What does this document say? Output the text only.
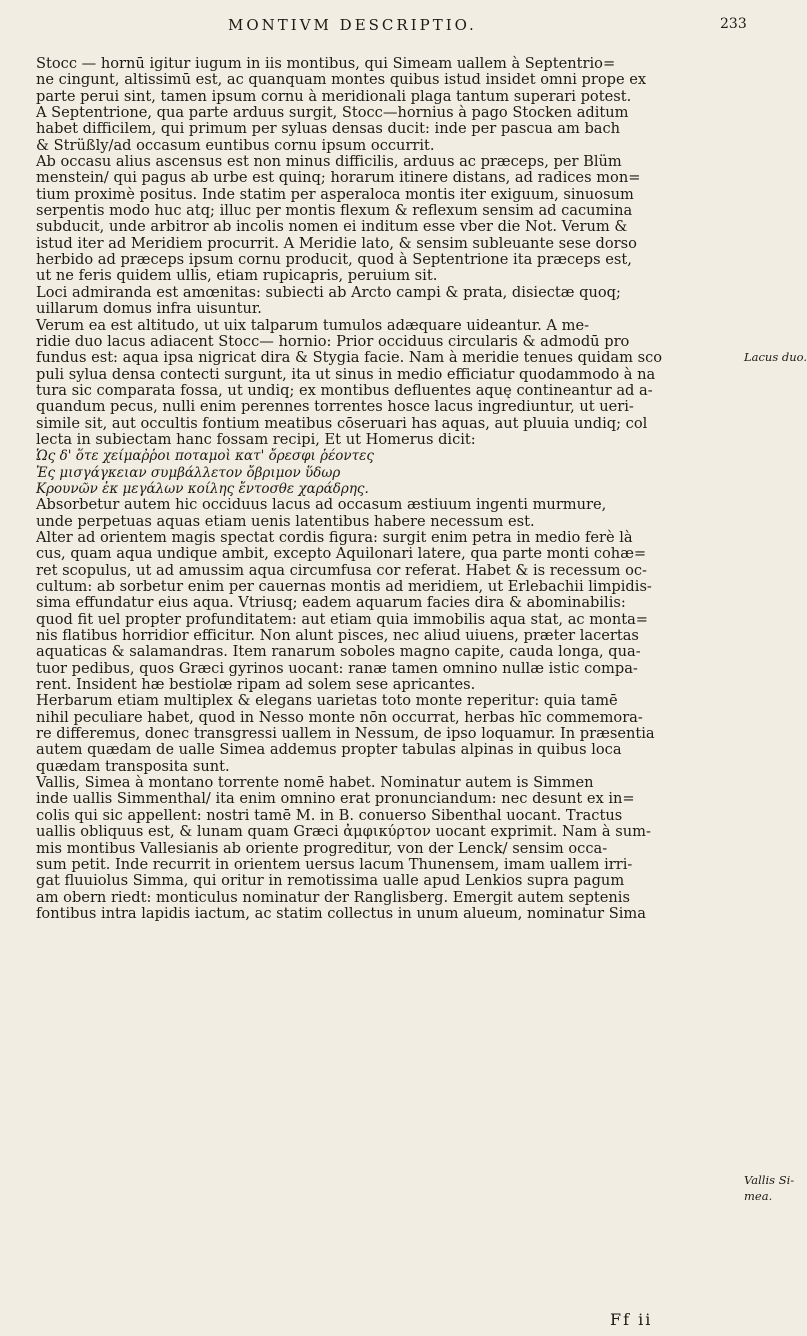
MONTIVM DESCRIPTIO.	233
Stocc — hornū igitur iugum in iis montibus, qui Simeam uallem à Septentrio=
ne cingunt, altissimū est, ac quanquam montes quibus istud insidet omni prope ex
parte perui sint, tamen ipsum cornu à meridionali plaga tantum superari potest.
A Septentrione, qua parte arduus surgit, Stocc—hornius à pago Stocken aditum
habet difficilem, qui primum per syluas densas ducit: inde per pascua am bach
& Strüßly/ad occasum euntibus cornu ipsum occurrit.
Ab occasu alius ascensus est non minus difficilis, arduus ac præceps, per Blüm
menstein/ qui pagus ab urbe est quinq; horarum itinere distans, ad radices mon=
tium proximè positus. Inde statim per asperaloca montis iter exiguum, sinuosum
serpentis modo huc atq; illuc per montis flexum & reflexum sensim ad cacumina
subducit, unde arbitror ab incolis nomen ei inditum esse vber die Not. Verum &
istud iter ad Meridiem procurrit. A Meridie lato, & sensim subleuante sese dorso
herbido ad præceps ipsum cornu producit, quod à Septentrione ita præceps est,
ut ne feris quidem ullis, etiam rupicapris, peruium sit.
Loci admiranda est amœnitas: subiecti ab Arcto campi & prata, disiectæ quoq;
uillarum domus infra uisuntur.
Verum ea est altitudo, ut uix talparum tumulos adæquare uideantur. A me-
ridie duo lacus adiacent Stocc— hornio: Prior occiduus circularis & admodū pro
fundus est: aqua ipsa nigricat dira & Stygia facie. Nam à meridie tenues quidam sco
puli sylua densa contecti surgunt, ita ut sinus in medio efficiatur quodammodo à na
tura sic comparata fossa, ut undiq; ex montibus defluentes aquę contineantur ad a-
quandum pecus, nulli enim perennes torrentes hosce lacus ingrediuntur, ut ueri-
simile sit, aut occultis fontium meatibus cōseruari has aquas, aut pluuia undiq; col
lecta in subiectam hanc fossam recipi, Et ut Homerus dicit:
Ὡς δ' ὅτε χείμαῤῥοι ποταμοὶ κατ' ὄρεσφι ῥέοντες
Ἐς μισγάγκειαν συμβάλλετον ὄβριμον ὕδωρ
Κρουνῶν ἐκ μεγάλων κοίλης ἔντοσθε χαράδρης.
Absorbetur autem hic occiduus lacus ad occasum æstiuum ingenti murmure,
unde perpetuas aquas etiam uenis latentibus habere necessum est.
Alter ad orientem magis spectat cordis figura: surgit enim petra in medio ferè là
cus, quam aqua undique ambit, excepto Aquilonari latere, qua parte monti cohæ=
ret scopulus, ut ad amussim aqua circumfusa cor referat. Habet & is recessum oc-
cultum: ab sorbetur enim per cauernas montis ad meridiem, ut Erlebachii limpidis-
sima effundatur eius aqua. Vtriusq; eadem aquarum facies dira & abominabilis:
quod fit uel propter profunditatem: aut etiam quia immobilis aqua stat, ac monta=
nis flatibus horridior efficitur. Non alunt pisces, nec aliud uiuens, præter lacertas
aquaticas & salamandras. Item ranarum soboles magno capite, cauda longa, qua-
tuor pedibus, quos Græci gyrinos uocant: ranæ tamen omnino nullæ istic compa-
rent. Insident hæ bestiolæ ripam ad solem sese apricantes.
Herbarum etiam multiplex & elegans uarietas toto monte reperitur: quia tamē
nihil peculiare habet, quod in Nesso monte nōn occurrat, herbas hīc commemora-
re differemus, donec transgressi uallem in Nessum, de ipso loquamur. In præsentia
autem quædam de ualle Simea addemus propter tabulas alpinas in quibus loca
quædam transposita sunt.
Vallis, Simea à montano torrente nomē habet. Nominatur autem is Simmen
inde uallis Simmenthal/ ita enim omnino erat pronunciandum: nec desunt ex in=
colis qui sic appellent: nostri tamē M. in B. conuerso Sibenthal uocant. Tractus
uallis obliquus est, & lunam quam Græci ἀμφικύρτον uocant exprimit. Nam à sum-
mis montibus Vallesianis ab oriente progreditur, von der Lenck/ sensim occa-
sum petit. Inde recurrit in orientem uersus lacum Thunensem, imam uallem irri-
gat fluuiolus Simma, qui oritur in remotissima ualle apud Lenkios supra pagum
am obern riedt: monticulus nominatur der Ranglisberg. Emergit autem septenis
fontibus intra lapidis iactum, ac statim collectus in unum alueum, nominatur Sima
Lacus duo.
Vallis Si-
mea.
Ff ii
